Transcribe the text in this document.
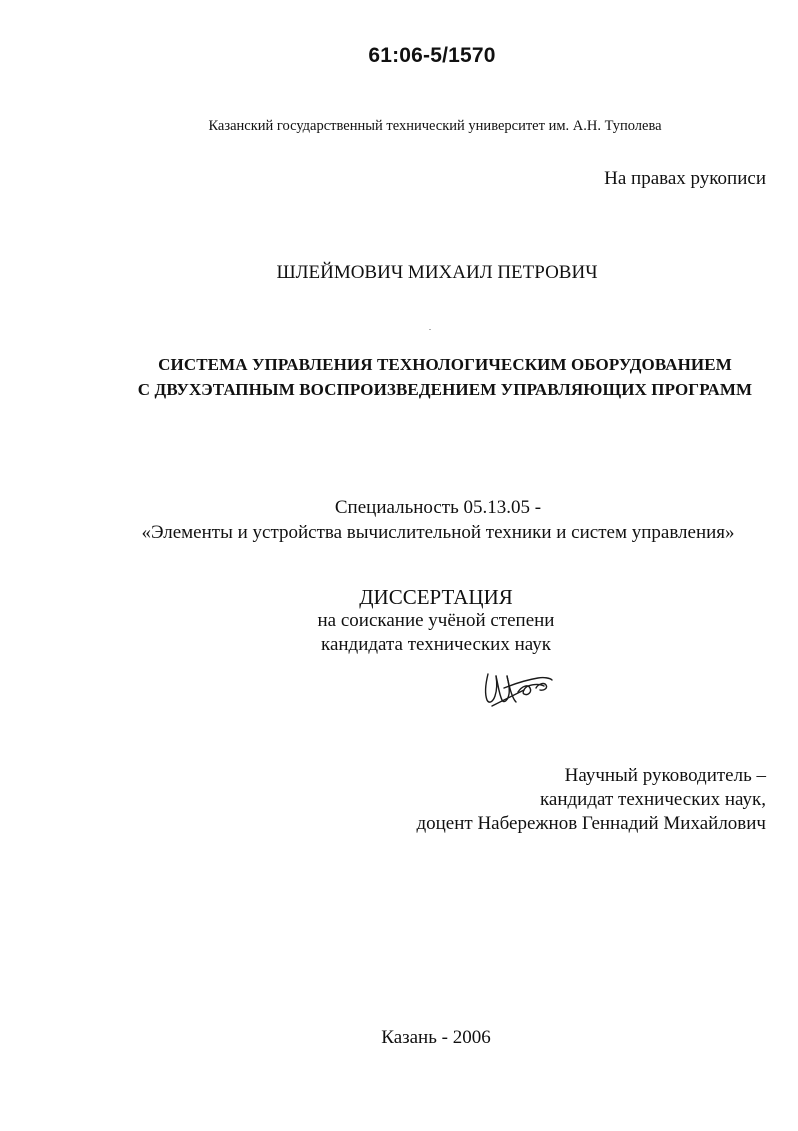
61:06-5/1570
Казанский государственный технический университет им. А.Н. Туполева
На правах рукописи
ШЛЕЙМОВИЧ МИХАИЛ ПЕТРОВИЧ
СИСТЕМА УПРАВЛЕНИЯ ТЕХНОЛОГИЧЕСКИМ ОБОРУДОВАНИЕМ
С ДВУХЭТАПНЫМ ВОСПРОИЗВЕДЕНИЕМ УПРАВЛЯЮЩИХ ПРОГРАММ
Специальность 05.13.05 -
«Элементы и устройства вычислительной техники и систем управления»
ДИССЕРТАЦИЯ
на соискание учёной степени
кандидата технических наук
Научный руководитель –
кандидат технических наук,
доцент Набережнов Геннадий Михайлович
Казань - 2006
